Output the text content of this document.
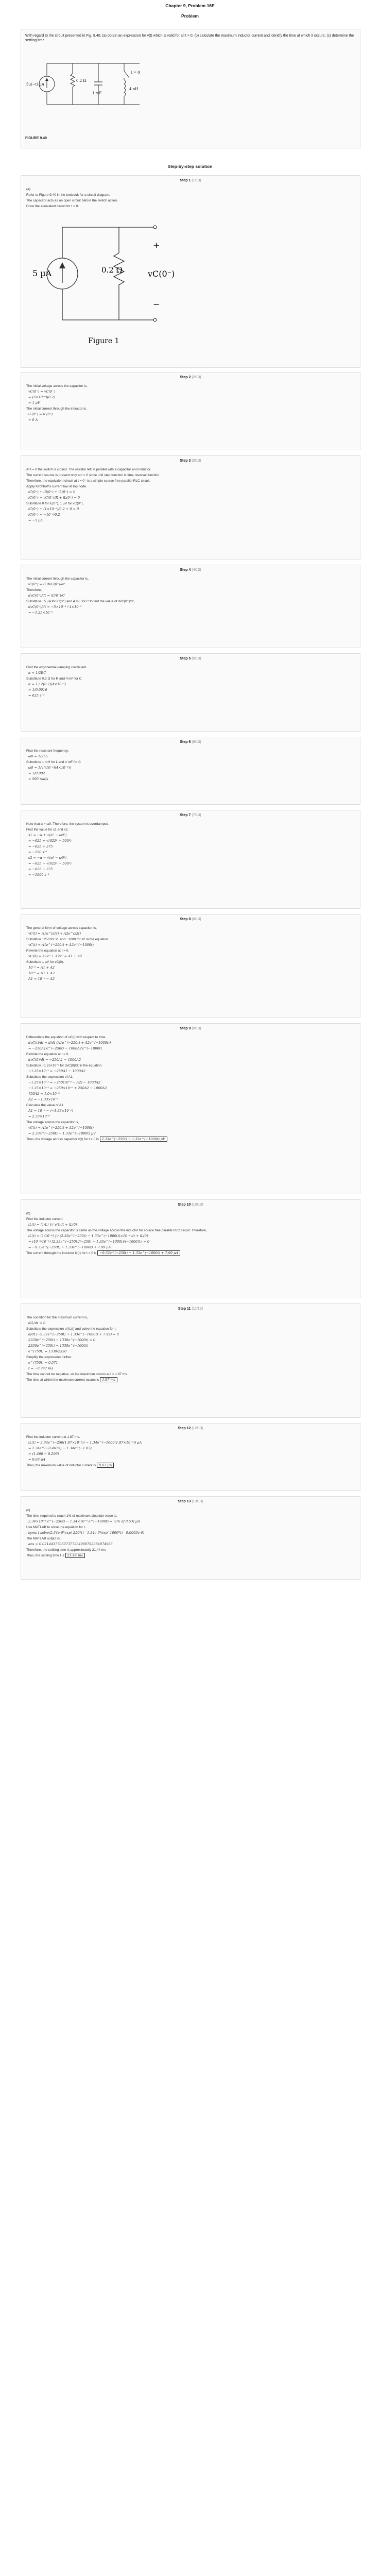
Chapter 9, Problem 16E
Problem
With regard to the circuit presented in Fig. 9.40, (a) obtain an expression for v(t) which is valid for all t > 0; (b) calculate the maximum inductor current and identify the time at which it occurs; (c) determine the settling time.
5u(−t) µA
0.2 Ω
1 mF
t = 0
4 nH
FIGURE 9.40
Step-by-step solution
Step 1 (1/13)

(a)

Refer to Figure 9.40 in the textbook for a circuit diagram.

The capacitor acts as an open circuit before the switch action.

Draw the equivalent circuit for t < 0.

5 µA	0.2 Ω
+
−
vC(0⁻)
Figure 1
Step 2 (2/13)

The initial voltage across the capacitor is,

vC(0⁺) = vC(0⁻)

= (5×10⁻⁶)(0.2)

= 1 µV

The initial current through the inductor is,

iL(0⁺) = iL(0⁻)

= 0 A

Step 3 (3/13)

At t = 0 the switch is closed. The resistor left in parallel with a capacitor and inductor.

The current source is present only at t < 0 since unit step function is time reversal function.

Therefore, the equivalent circuit at t = 0⁺ is a simple source free parallel RLC circuit.

Apply Kirchhoff's current law at top node.

iC(0⁺) + iR(0⁺) + iL(0⁺) = 0

iC(0⁺) + vC(0⁺)/R + iL(0⁺) = 0

Substitute 0 for iL(0⁺), 1 µV for vC(0⁺),

iC(0⁺) + (1×10⁻⁶)/0.2 + 0 = 0

iC(0⁺) = −10⁻⁶/0.2

= −5 µA

Step 4 (4/13)

The initial current through the capacitor is,

iC(0⁺) = C dvC(0⁺)/dt

Therefore,

dvC(0⁺)/dt = iC(0⁺)/C

Substitute −5 µA for iC(0⁺) and 4 mF for C to find the value of dvC(0⁺)/dt,

dvC(0⁺)/dt = −5×10⁻⁶ / 4×10⁻³

= −1.25×10⁻³

Step 5 (5/13)

Find the exponential damping coefficient.

α = 1/2RC

Substitute 0.2 Ω for R and 4 mF for C

α = 1 / 2(0.2)(4×10⁻³)

= 1/0.0016

= 625 s⁻¹

Step 6 (6/13)

Find the resonant frequency.

ω0 = 1/√LC

Substitute 1 mH for L and 4 mF for C

ω0 = 1/√((10⁻³)(4×10⁻³))

= 1/0.002

= 500 rad/s

Step 7 (7/13)

Note that α > ω0. Therefore, the system is overdamped.

Find the value for s1 and s2.

s1 = −α + √(α² − ω0²)

= −625 + √(625² − 500²)

= −625 + 375

= −250 s⁻¹

s2 = −α − √(α² − ω0²)

= −625 − √(625² − 500²)

= −625 − 375

= −1000 s⁻¹

Step 8 (8/13)

The general form of voltage across capacitor is,

vC(t) = A1e^(s1t) + A2e^(s2t)

Substitute −250 for s1 and −1000 for s2 in the equation.

vC(t) = A1e^(−250t) + A2e^(−1000t)

Rewrite the equation at t = 0.

vC(0) = A1e⁰ + A2e⁰ = A1 + A2

Substitute 1 µV for vC(0).

10⁻⁶ = A1 + A2

10⁻⁶ = A1 + A2

A1 = 10⁻⁶ − A2

Step 9 (9/13)

Differentiate the equation of vC(t) with respect to time.

dvC(t)/dt = d/dt (A1e^(−250t) + A2e^(−1000t))

= −250A1e^(−250t) − 1000A2e^(−1000t)

Rewrite the equation at t = 0.

dvC(0)/dt = −250A1 − 1000A2

Substitute −1.25×10⁻³ for dvC(0)/dt in the equation.

−1.25×10⁻³ = −250A1 − 1000A2

Substitute the expression of A1.

−1.25×10⁻³ = −250(10⁻⁶ − A2) − 1000A2

−1.25×10⁻³ = −250×10⁻⁶ + 250A2 − 1000A2

750A2 = 1.0×10⁻³

A2 = −1.33×10⁻⁶

Calculate the value of A1.

A1 = 10⁻⁶ − (−1.33×10⁻⁶)

= 2.33×10⁻⁶

The voltage across the capacitor is,

vC(t) = A1e^(−250t) + A2e^(−1000t)

= 2.33e^(−250t) − 1.33e^(−1000t) µV

Thus, the voltage across capacitor v(t) for t > 0 is 2.33e^(−250t) − 1.33e^(−1000t) µV

Step 10 (10/13)

(b)

Find the inductor current.

iL(t) = (1/L) ∫₀ᵗ v(t)dt + iL(0)

The voltage across the capacitor is same as the voltage across the inductor for source free parallel RLC circuit. Therefore,

iL(t) = (1/10⁻³) ∫₀ᵗ (2.33e^(−250t) − 1.33e^(−1000t))×10⁻⁶ dt + iL(0)

= (10⁻⁶/10⁻³) [2.33e^(−250t)/(−250) − 1.33e^(−1000t)/(−1000)]₀ᵗ + 0

= −9.32e^(−250t) + 1.33e^(−1000t) + 7.99 µA

The current through the inductor iL(t) for t > 0 is −9.32e^(−250t) + 1.33e^(−1000t) + 7.99 µA

Step 11 (11/13)

The condition for the maximum current is,

diL/dt = 0

Substitute the expression of iL(t) and solve the equation for t.

d/dt (−9.32e^(−250t) + 1.33e^(−1000t) + 7.99) = 0

2330e^(−250t) − 1330e^(−1000t) = 0

2330e^(−250t) = 1330e^(−1000t)

e^(750t) = 1330/2330

Simplify the expression further.

e^(750t) = 0.571

t = −0.747 ms

The time cannot be negative, so the maximum occurs at t = 1.87 ms

The time at which the maximum current occurs is 1.87 ms

Step 12 (12/13)

Find the inductor current at 1.87 ms.

iL(t) = 2.34e^(−250(1.87×10⁻³)) − 1.34e^(−1000(1.87×10⁻³)) µA

= 2.34e^(−0.4675) − 1.34e^(−1.87)

= (1.466 − 0.206)

= 0.63 µA

Thus, the maximum value of inductor current is 0.63 µA

Step 13 (13/13)

(c)

The time required to reach 1% of maximum absolute value is,

2.34×10⁻⁶ e^(−250t) − 1.34×10⁻⁶ e^(−1000t) = (1% of 0.63) µA

Use MATLAB to solve the equation for t.

syms t solve(2.34e-6*exp(-250*t) - 1.34e-6*exp(-1000*t) - 0.0063e-6)

The MATLAB output is,

ans = 0.021443770607377234969792384974966

Therefore, the settling time is approximately 21.44 ms

Thus, the settling time t is 21.44 ms
